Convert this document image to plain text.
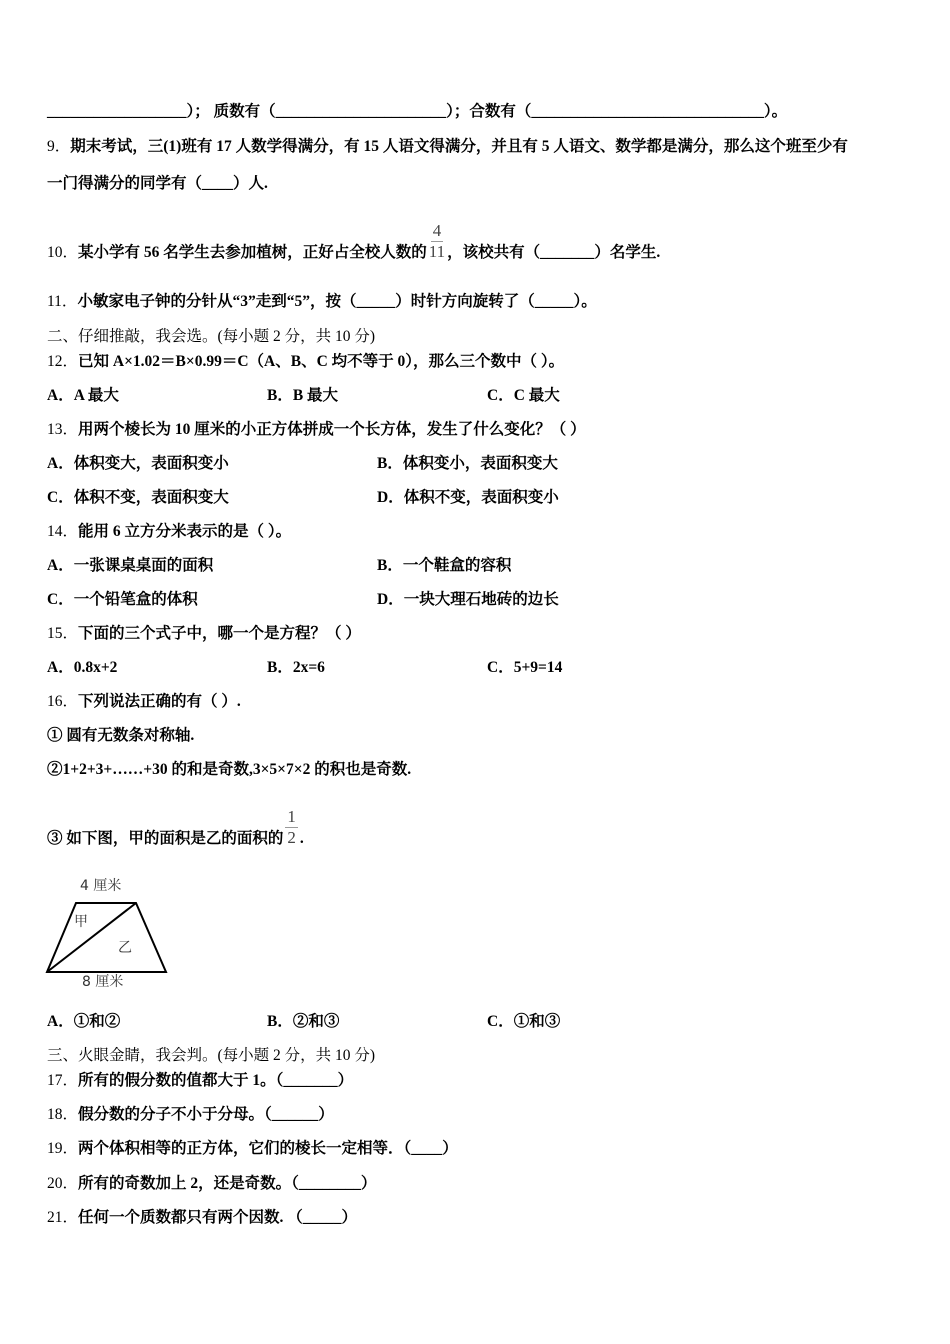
__________________）； 质数有（______________________）；合数有（______________________________）。
9．期末考试，三(1)班有 17 人数学得满分，有 15 人语文得满分，并且有 5 人语文、数学都是满分，那么这个班至少有
一门得满分的同学有（____）人.
10．某小学有 56 名学生去参加植树，正好占全校人数的 $\frac{4}{11}$ ，该校共有（_______）名学生.
11．小敏家电子钟的分针从“3”走到“5”，按（_____）时针方向旋转了（_____）。
二、仔细推敲，我会选。(每小题 2 分，共 10 分)
12．已知 A×1.02＝B×0.99＝C（A、B、C 均不等于 0），那么三个数中（ ）。
A．A 最大	B．B 最大	C．C 最大
13．用两个棱长为 10 厘米的小正方体拼成一个长方体，发生了什么变化？（ ）
A．体积变大，表面积变小	B．体积变小，表面积变大
C．体积不变，表面积变大	D．体积不变，表面积变小
14．能用 6 立方分米表示的是（ ）。
A．一张课桌桌面的面积	B．一个鞋盒的容积
C．一个铅笔盒的体积	D．一块大理石地砖的边长
15．下面的三个式子中，哪一个是方程？（ ）
A．0.8x+2	B．2x=6	C．5+9=14
16．下列说法正确的有（ ）.
① 圆有无数条对称轴.
②1+2+3+……+30 的和是奇数,3×5×7×2 的积也是奇数.
③ 如下图，甲的面积是乙的面积的 $\frac{1}{2}$ .
4 厘米
甲
乙
8 厘米
A．①和②	B．②和③	C．①和③
三、火眼金睛，我会判。(每小题 2 分，共 10 分)
17．所有的假分数的值都大于 1。（_______）
18．假分数的分子不小于分母。（______）
19．两个体积相等的正方体，它们的棱长一定相等．（____）
20．所有的奇数加上 2，还是奇数。（________）
21．任何一个质数都只有两个因数. （_____）
